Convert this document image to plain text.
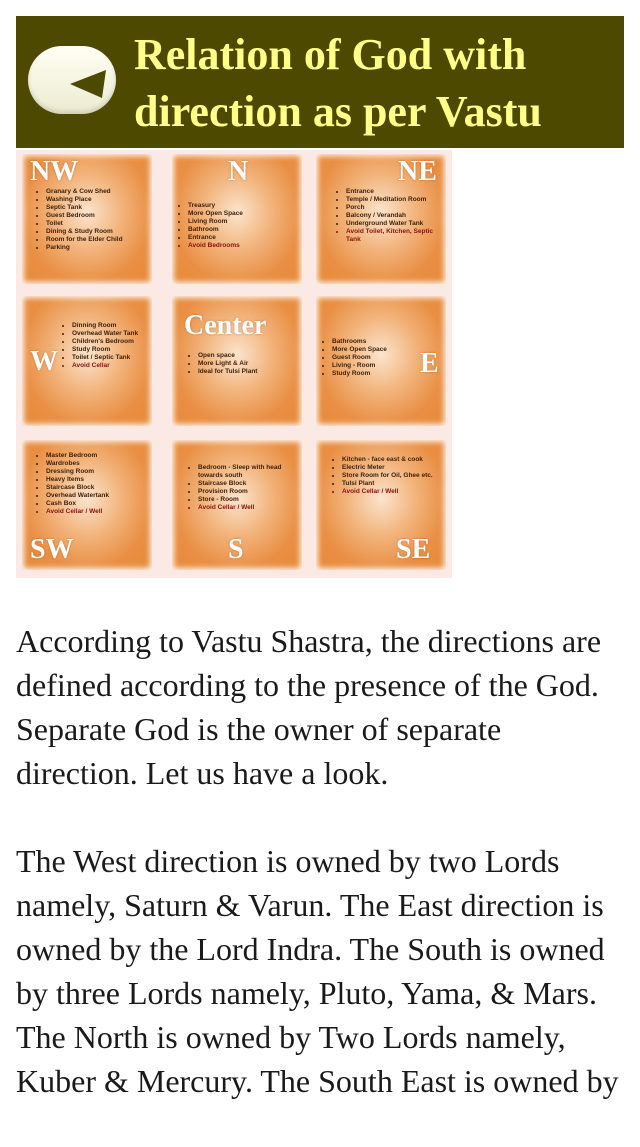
Relation of God with direction as per Vastu
NW
• Granary & Cow Shed
• Washing Place
• Septic Tank
• Guest Bedroom
• Toilet
• Dining & Study Room
• Room for the Elder Child
• Parking
N
• Treasury
• More Open Space
• Living Room
• Bathroom
• Entrance
• Avoid Bedrooms
NE
• Entrance
• Temple / Meditation Room
• Porch
• Balcony / Verandah
• Underground Water Tank
• Avoid Toilet, Kitchen, Septic Tank
W
• Dinning Room
• Overhead Water Tank
• Children's Bedroom
• Study Room
• Toilet / Septic Tank
• Avoid Cellar
Center
• Open space
• More Light & Air
• Ideal for Tulsi Plant	E
• Bathrooms
• More Open Space
• Guest Room
• Living - Room
• Study Room
SW
• Master Bedroom
• Wardrobes
• Dressing Room
• Heavy Items
• Staircase Block
• Overhead Watertank
• Cash Box
• Avoid Cellar / Well
S
• Bedroom - Sleep with head towards south
• Staircase Block
• Provision Room
• Store - Room
• Avoid Cellar / Well
SE
• Kitchen - face east & cook
• Electric Meter
• Store Room for Oil, Ghee etc.
• Tulsi Plant
• Avoid Cellar / Well

According to Vastu Shastra, the directions are defined according to the presence of the God. Separate God is the owner of separate direction. Let us have a look.

The West direction is owned by two Lords namely, Saturn & Varun. The East direction is owned by the Lord Indra. The South is owned by three Lords namely, Pluto, Yama, & Mars. The North is owned by Two Lords namely, Kuber & Mercury. The South East is owned by
